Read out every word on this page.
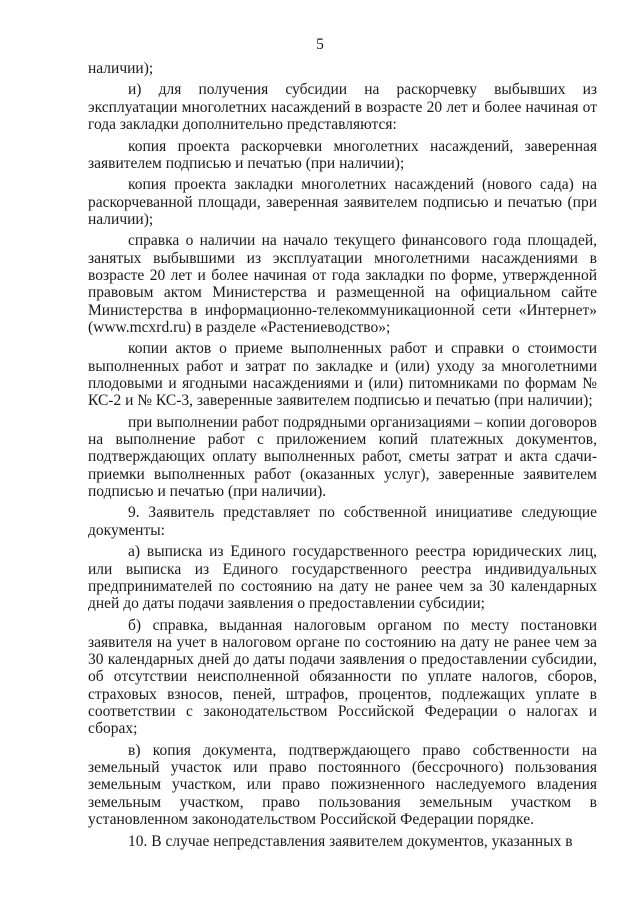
5

наличии);

и) для получения субсидии на раскорчевку выбывших из эксплуатации многолетних насаждений в возрасте 20 лет и более начиная от года закладки дополнительно представляются:

копия проекта раскорчевки многолетних насаждений, заверенная заявителем подписью и печатью (при наличии);

копия проекта закладки многолетних насаждений (нового сада) на раскорчеванной площади, заверенная заявителем подписью и печатью (при наличии);

справка о наличии на начало текущего финансового года площадей, занятых выбывшими из эксплуатации многолетними насаждениями в возрасте 20 лет и более начиная от года закладки по форме, утвержденной правовым актом Министерства и размещенной на официальном сайте Министерства в информационно-телекоммуникационной сети «Интернет» (www.mcxrd.ru) в разделе «Растениеводство»;

копии актов о приеме выполненных работ и справки о стоимости выполненных работ и затрат по закладке и (или) уходу за многолетними плодовыми и ягодными насаждениями и (или) питомниками по формам № КС-2 и № КС-3, заверенные заявителем подписью и печатью (при наличии);

при выполнении работ подрядными организациями – копии договоров на выполнение работ с приложением копий платежных документов, подтверждающих оплату выполненных работ, сметы затрат и акта сдачи-приемки выполненных работ (оказанных услуг), заверенные заявителем подписью и печатью (при наличии).

9. Заявитель представляет по собственной инициативе следующие документы:

а) выписка из Единого государственного реестра юридических лиц, или выписка из Единого государственного реестра индивидуальных предпринимателей по состоянию на дату не ранее чем за 30 календарных дней до даты подачи заявления о предоставлении субсидии;

б) справка, выданная налоговым органом по месту постановки заявителя на учет в налоговом органе по состоянию на дату не ранее чем за 30 календарных дней до даты подачи заявления о предоставлении субсидии, об отсутствии неисполненной обязанности по уплате налогов, сборов, страховых взносов, пеней, штрафов, процентов, подлежащих уплате в соответствии с законодательством Российской Федерации о налогах и сборах;

в) копия документа, подтверждающего право собственности на земельный участок или право постоянного (бессрочного) пользования земельным участком, или право пожизненного наследуемого владения земельным участком, право пользования земельным участком в установленном законодательством Российской Федерации порядке.

10. В случае непредставления заявителем документов, указанных в
